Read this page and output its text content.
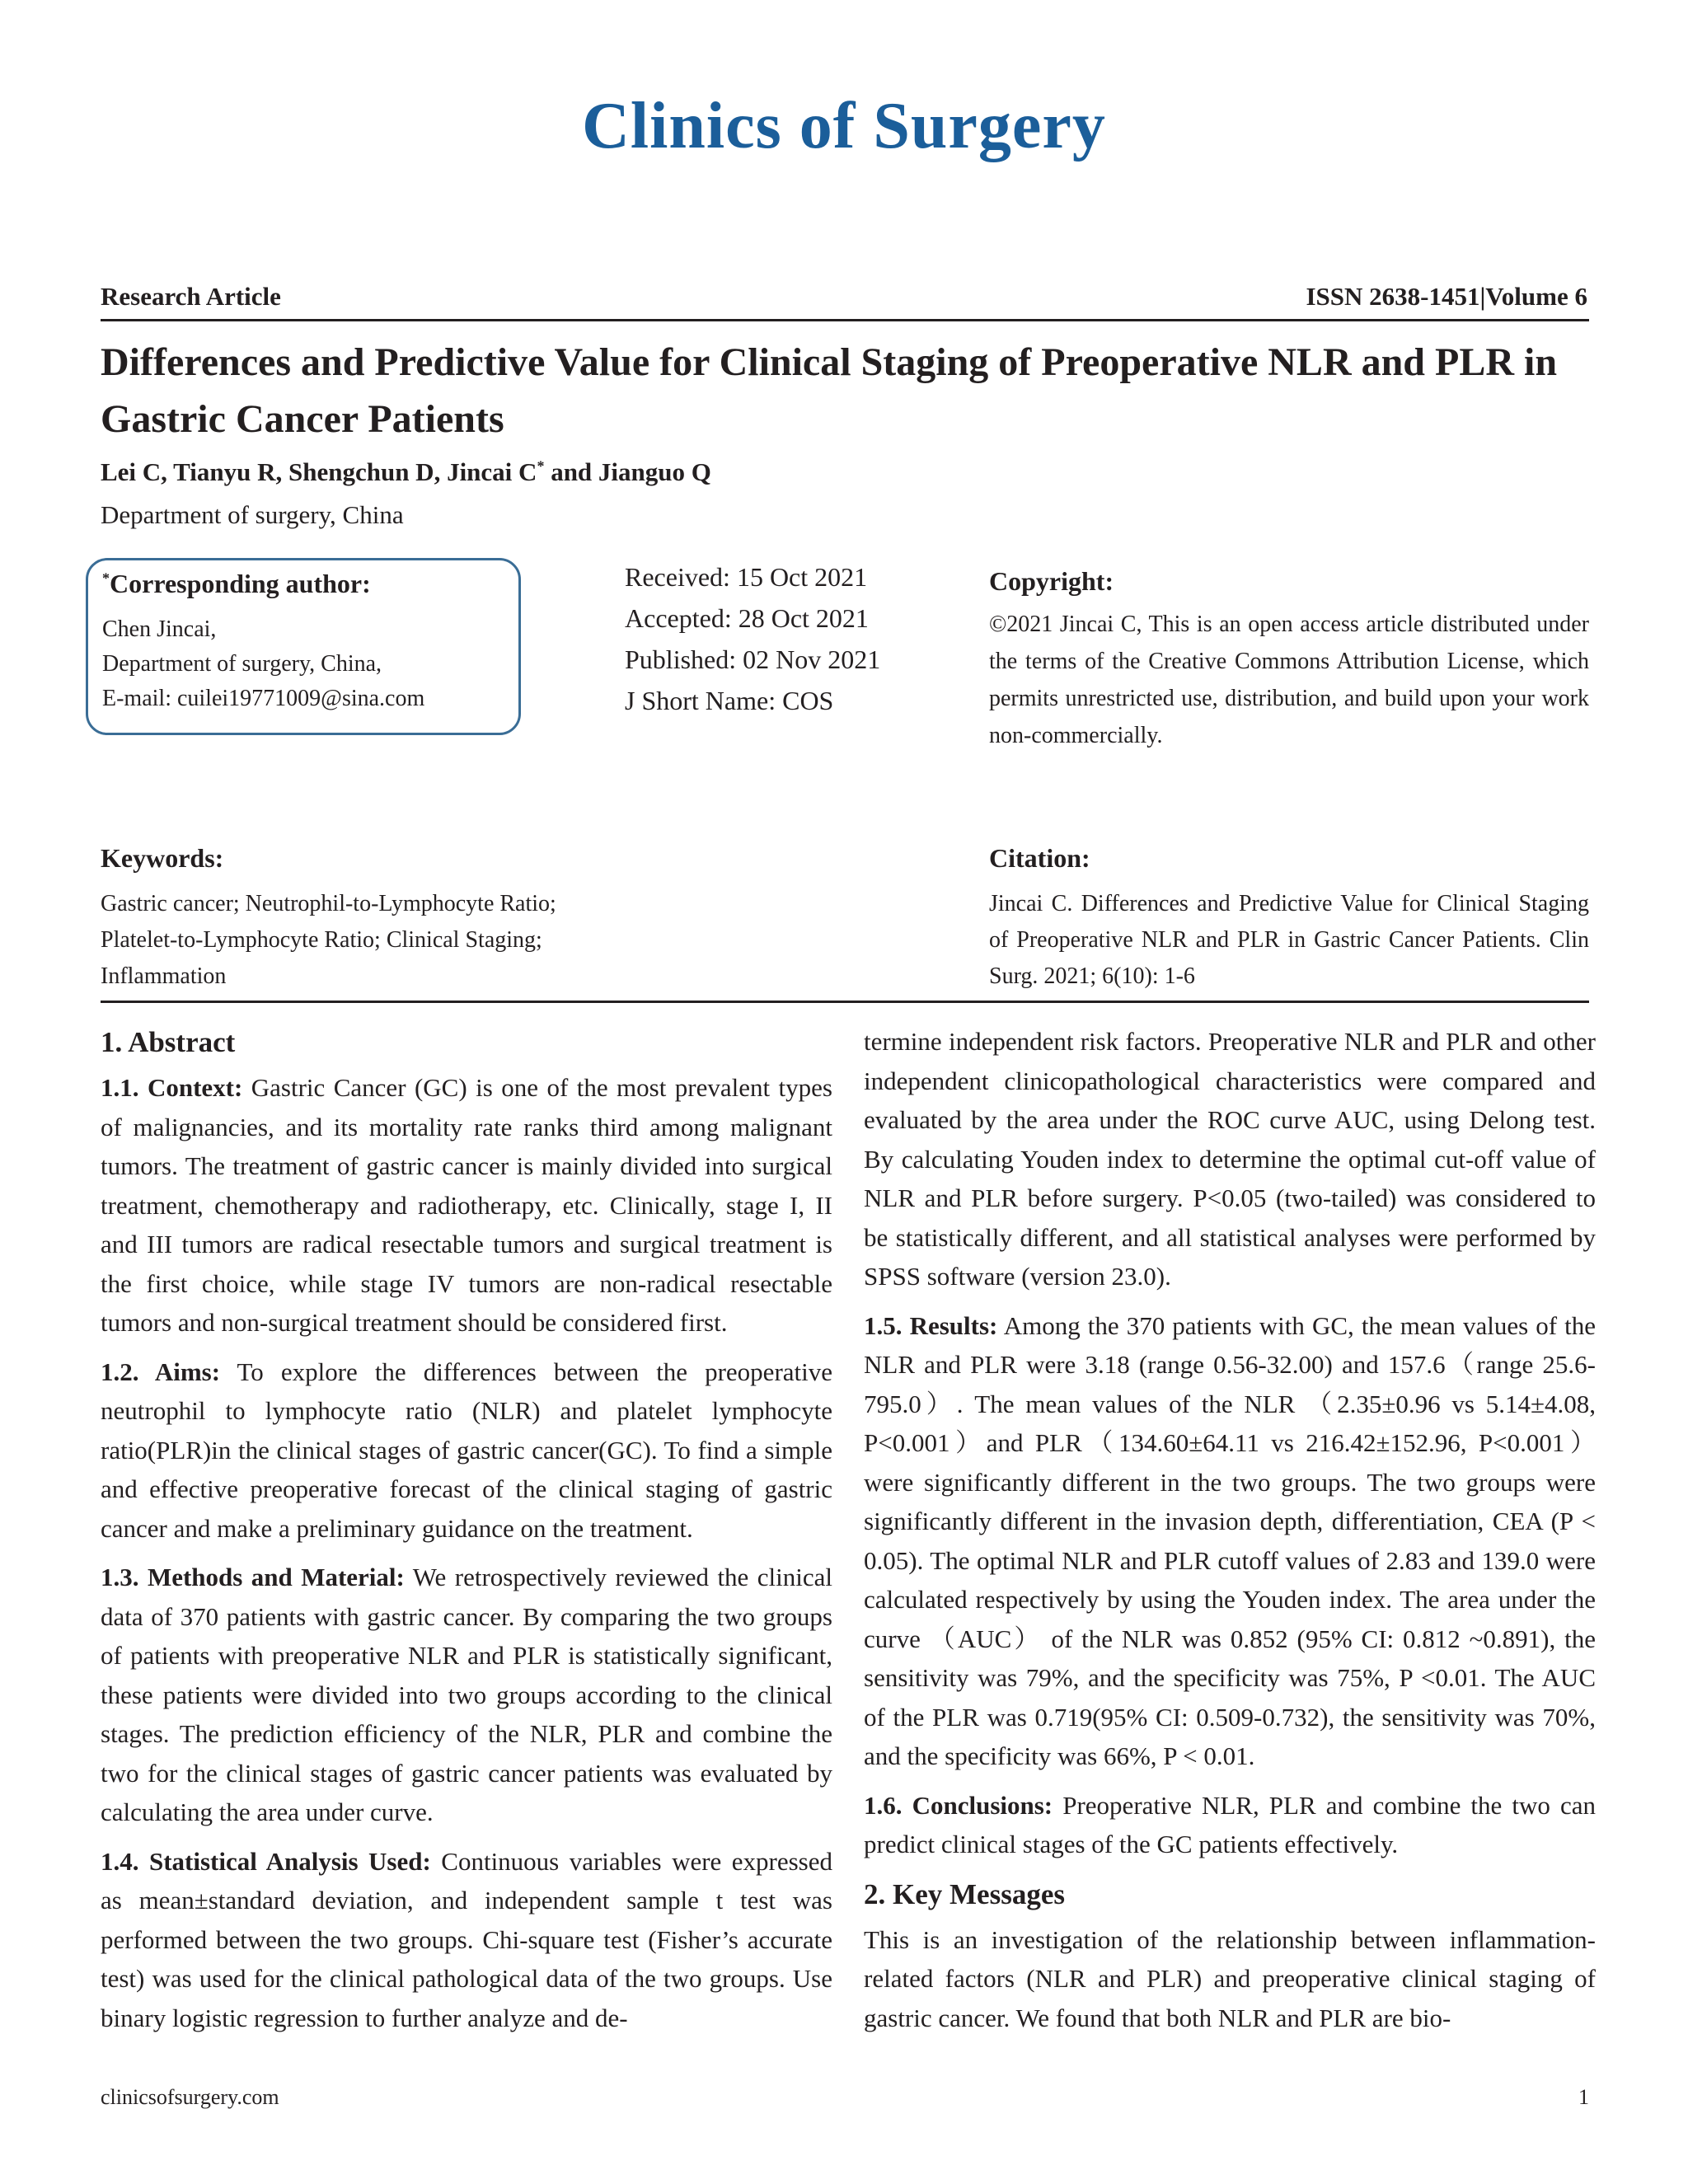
Clinics of Surgery
Research Article	ISSN 2638-1451|Volume 6
Differences and Predictive Value for Clinical Staging of Preoperative NLR and PLR in Gastric Cancer Patients
Lei C, Tianyu R, Shengchun D, Jincai C* and Jianguo Q
Department of surgery, China
*Corresponding author:
Chen Jincai,
Department of surgery, China,
E-mail: cuilei19771009@sina.com
Received: 15 Oct 2021
Accepted: 28 Oct 2021
Published: 02 Nov 2021
J Short Name: COS
Copyright:
©2021 Jincai C, This is an open access article distributed under the terms of the Creative Commons Attribution License, which permits unrestricted use, distribution, and build upon your work non-commercially.
Keywords:
Gastric cancer; Neutrophil-to-Lymphocyte Ratio;
Platelet-to-Lymphocyte Ratio; Clinical Staging;
Inflammation
Citation:
Jincai C. Differences and Predictive Value for Clinical Staging of Preoperative NLR and PLR in Gastric Cancer Patients. Clin Surg. 2021; 6(10): 1-6
1. Abstract

1.1. Context: Gastric Cancer (GC) is one of the most prevalent types of malignancies, and its mortality rate ranks third among malignant tumors. The treatment of gastric cancer is mainly divided into surgical treatment, chemotherapy and radiotherapy, etc. Clinically, stage I, II and III tumors are radical resectable tumors and surgical treatment is the first choice, while stage IV tumors are non-radical resectable tumors and non-surgical treatment should be considered first.

1.2. Aims: To explore the differences between the preoperative neutrophil to lymphocyte ratio (NLR) and platelet lymphocyte ratio(PLR)in the clinical stages of gastric cancer(GC). To find a simple and effective preoperative forecast of the clinical staging of gastric cancer and make a preliminary guidance on the treatment.

1.3. Methods and Material: We retrospectively reviewed the clinical data of 370 patients with gastric cancer. By comparing the two groups of patients with preoperative NLR and PLR is statistically significant, these patients were divided into two groups according to the clinical stages. The prediction efficiency of the NLR, PLR and combine the two for the clinical stages of gastric cancer patients was evaluated by calculating the area under curve.

1.4. Statistical Analysis Used: Continuous variables were expressed as mean±standard deviation, and independent sample t test was performed between the two groups. Chi-square test (Fisher’s accurate test) was used for the clinical pathological data of the two groups. Use binary logistic regression to further analyze and de-

termine independent risk factors. Preoperative NLR and PLR and other independent clinicopathological characteristics were compared and evaluated by the area under the ROC curve AUC, using Delong test. By calculating Youden index to determine the optimal cut-off value of NLR and PLR before surgery. P<0.05 (two-tailed) was considered to be statistically different, and all statistical analyses were performed by SPSS software (version 23.0).

1.5. Results: Among the 370 patients with GC, the mean values of the NLR and PLR were 3.18 (range 0.56-32.00) and 157.6（range 25.6-795.0）. The mean values of the NLR （2.35±0.96 vs 5.14±4.08, P<0.001）and PLR（134.60±64.11 vs 216.42±152.96, P<0.001）were significantly different in the two groups. The two groups were significantly different in the invasion depth, differentiation, CEA (P < 0.05). The optimal NLR and PLR cutoff values of 2.83 and 139.0 were calculated respectively by using the Youden index. The area under the curve （AUC） of the NLR was 0.852 (95% CI: 0.812 ~0.891), the sensitivity was 79%, and the specificity was 75%, P <0.01. The AUC of the PLR was 0.719(95% CI: 0.509-0.732), the sensitivity was 70%, and the specificity was 66%, P < 0.01.

1.6. Conclusions: Preoperative NLR, PLR and combine the two can predict clinical stages of the GC patients effectively.

2. Key Messages

This is an investigation of the relationship between inflammation-related factors (NLR and PLR) and preoperative clinical staging of gastric cancer. We found that both NLR and PLR are bio-

clinicsofsurgery.com	1
